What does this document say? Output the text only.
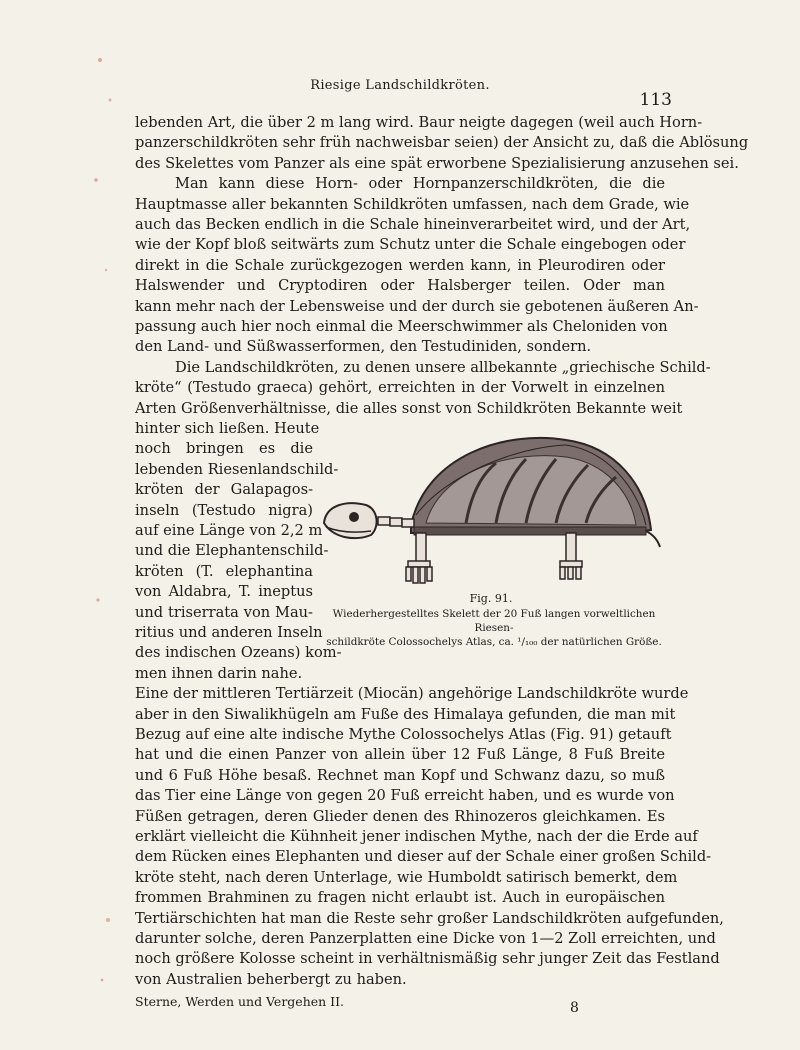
Riesige Landschildkröten.
113
lebenden Art, die über 2 m lang wird. Baur neigte dagegen (weil auch Horn-
panzerschildkröten sehr früh nachweisbar seien) der Ansicht zu, daß die Ablösung
des Skelettes vom Panzer als eine spät erworbene Spezialisierung anzusehen sei.
Man kann diese Horn- oder Hornpanzerschildkröten, die die
Hauptmasse aller bekannten Schildkröten umfassen, nach dem Grade, wie
auch das Becken endlich in die Schale hineinverarbeitet wird, und der Art,
wie der Kopf bloß seitwärts zum Schutz unter die Schale eingebogen oder
direkt in die Schale zurückgezogen werden kann, in Pleurodiren oder
Halswender und Cryptodiren oder Halsberger teilen. Oder man
kann mehr nach der Lebensweise und der durch sie gebotenen äußeren An-
passung auch hier noch einmal die Meerschwimmer als Cheloniden von
den Land- und Süßwasserformen, den Testudiniden, sondern.
Die Landschildkröten, zu denen unsere allbekannte „griechische Schild-
kröte“ (Testudo graeca) gehört, erreichten in der Vorwelt in einzelnen
Arten Größenverhältnisse, die alles sonst von Schildkröten Bekannte weit
hinter sich ließen. Heute
noch bringen es die
lebenden Riesenlandschild-
kröten der Galapagos-
inseln (Testudo nigra)
auf eine Länge von 2,2 m
und die Elephantenschild-
kröten (T. elephantina
von Aldabra, T. ineptus
und triserrata von Mau-
ritius und anderen Inseln
des indischen Ozeans) kom-
men ihnen darin nahe.
Fig. 91.
Wiederhergestelltes Skelett der 20 Fuß langen vorweltlichen Riesen-
schildkröte Colossochelys Atlas, ca. ¹/₁₀₀ der natürlichen Größe.
Eine der mittleren Tertiärzeit (Miocän) angehörige Landschildkröte wurde
aber in den Siwalikhügeln am Fuße des Himalaya gefunden, die man mit
Bezug auf eine alte indische Mythe Colossochelys Atlas (Fig. 91) getauft
hat und die einen Panzer von allein über 12 Fuß Länge, 8 Fuß Breite
und 6 Fuß Höhe besaß. Rechnet man Kopf und Schwanz dazu, so muß
das Tier eine Länge von gegen 20 Fuß erreicht haben, und es wurde von
Füßen getragen, deren Glieder denen des Rhinozeros gleichkamen. Es
erklärt vielleicht die Kühnheit jener indischen Mythe, nach der die Erde auf
dem Rücken eines Elephanten und dieser auf der Schale einer großen Schild-
kröte steht, nach deren Unterlage, wie Humboldt satirisch bemerkt, dem
frommen Brahminen zu fragen nicht erlaubt ist. Auch in europäischen
Tertiärschichten hat man die Reste sehr großer Landschildkröten aufgefunden,
darunter solche, deren Panzerplatten eine Dicke von 1—2 Zoll erreichten, und
noch größere Kolosse scheint in verhältnismäßig sehr junger Zeit das Festland
von Australien beherbergt zu haben.
Sterne, Werden und Vergehen II.	8
